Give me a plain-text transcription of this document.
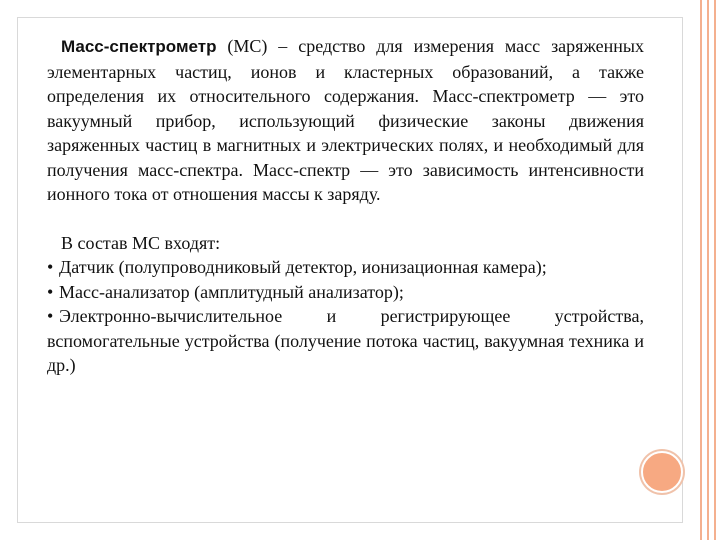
Масс-спектрометр (МС) – средство для измерения масс заряженных элементарных частиц, ионов и кластерных образований, а также определения их относительного содержания. Масс-спектрометр — это вакуумный прибор, использующий физические законы движения заряженных частиц в магнитных и электрических полях, и необходимый для получения масс-спектра. Масс-спектр — это зависимость интенсивности ионного тока от отношения массы к заряду.

В состав МС входят:

• Датчик (полупроводниковый детектор, ионизационная камера);
• Масс-анализатор (амплитудный анализатор);
• Электронно-вычислительное и регистрирующее устройства, вспомогательные устройства (получение потока частиц, вакуумная техника и др.)
